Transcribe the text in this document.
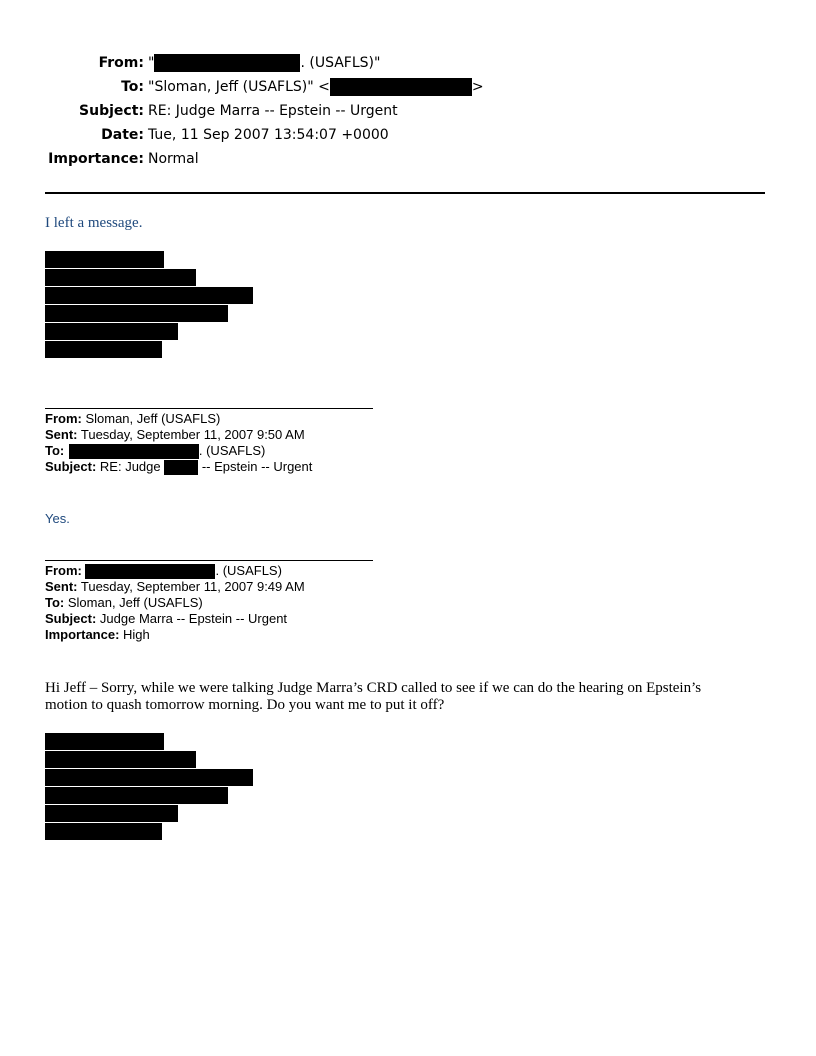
From: "	. (USAFLS)"
To: "Sloman, Jeff (USAFLS)" <	>
Subject: RE: Judge Marra -- Epstein -- Urgent
Date: Tue, 11 Sep 2007 13:54:07 +0000
Importance: Normal
I left a message.
From: Sloman, Jeff (USAFLS)
Sent: Tuesday, September 11, 2007 9:50 AM
To:	. (USAFLS)
Subject: RE: Judge	-- Epstein -- Urgent
Yes.
From:	. (USAFLS)
Sent: Tuesday, September 11, 2007 9:49 AM
To: Sloman, Jeff (USAFLS)
Subject: Judge Marra -- Epstein -- Urgent
Importance: High
Hi Jeff – Sorry, while we were talking Judge Marra’s CRD called to see if we can do the hearing on Epstein’s
motion to quash tomorrow morning. Do you want me to put it off?
